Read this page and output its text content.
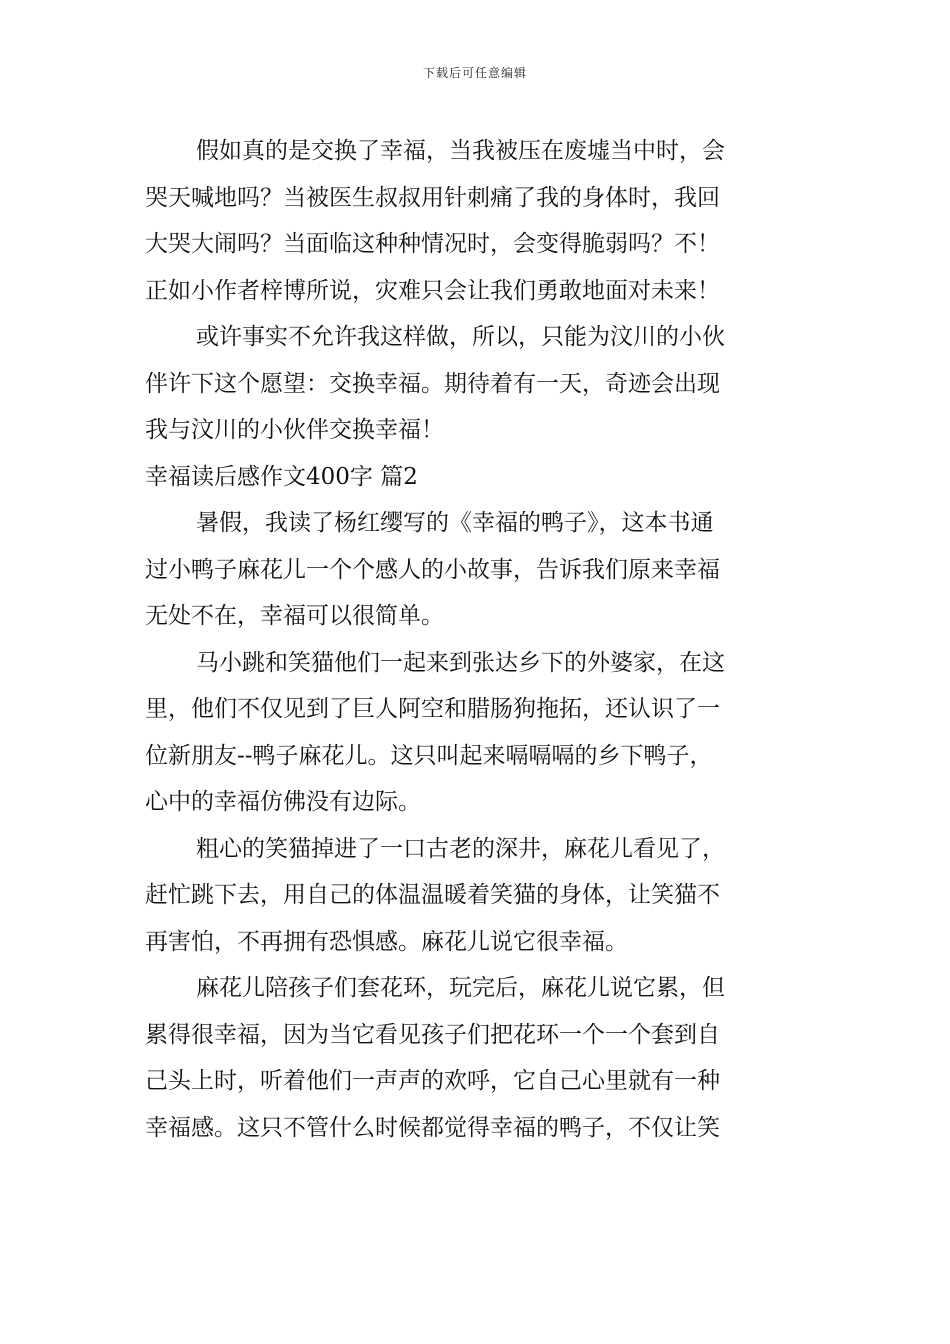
下载后可任意编辑
假如真的是交换了幸福，当我被压在废墟当中时，会
哭天喊地吗？当被医生叔叔用针刺痛了我的身体时，我回
大哭大闹吗？当面临这种种情况时，会变得脆弱吗？不！
正如小作者梓博所说，灾难只会让我们勇敢地面对未来！
或许事实不允许我这样做，所以，只能为汶川的小伙
伴许下这个愿望：交换幸福。期待着有一天，奇迹会出现
我与汶川的小伙伴交换幸福！
幸福读后感作文400字 篇2
暑假，我读了杨红缨写的《幸福的鸭子》，这本书通
过小鸭子麻花儿一个个感人的小故事，告诉我们原来幸福
无处不在，幸福可以很简单。
马小跳和笑猫他们一起来到张达乡下的外婆家，在这
里，他们不仅见到了巨人阿空和腊肠狗拖拓，还认识了一
位新朋友--鸭子麻花儿。这只叫起来嗝嗝嗝的乡下鸭子，
心中的幸福仿佛没有边际。
粗心的笑猫掉进了一口古老的深井，麻花儿看见了，
赶忙跳下去，用自己的体温温暖着笑猫的身体，让笑猫不
再害怕，不再拥有恐惧感。麻花儿说它很幸福。
麻花儿陪孩子们套花环，玩完后，麻花儿说它累，但
累得很幸福，因为当它看见孩子们把花环一个一个套到自
己头上时，听着他们一声声的欢呼，它自己心里就有一种
幸福感。这只不管什么时候都觉得幸福的鸭子，不仅让笑
